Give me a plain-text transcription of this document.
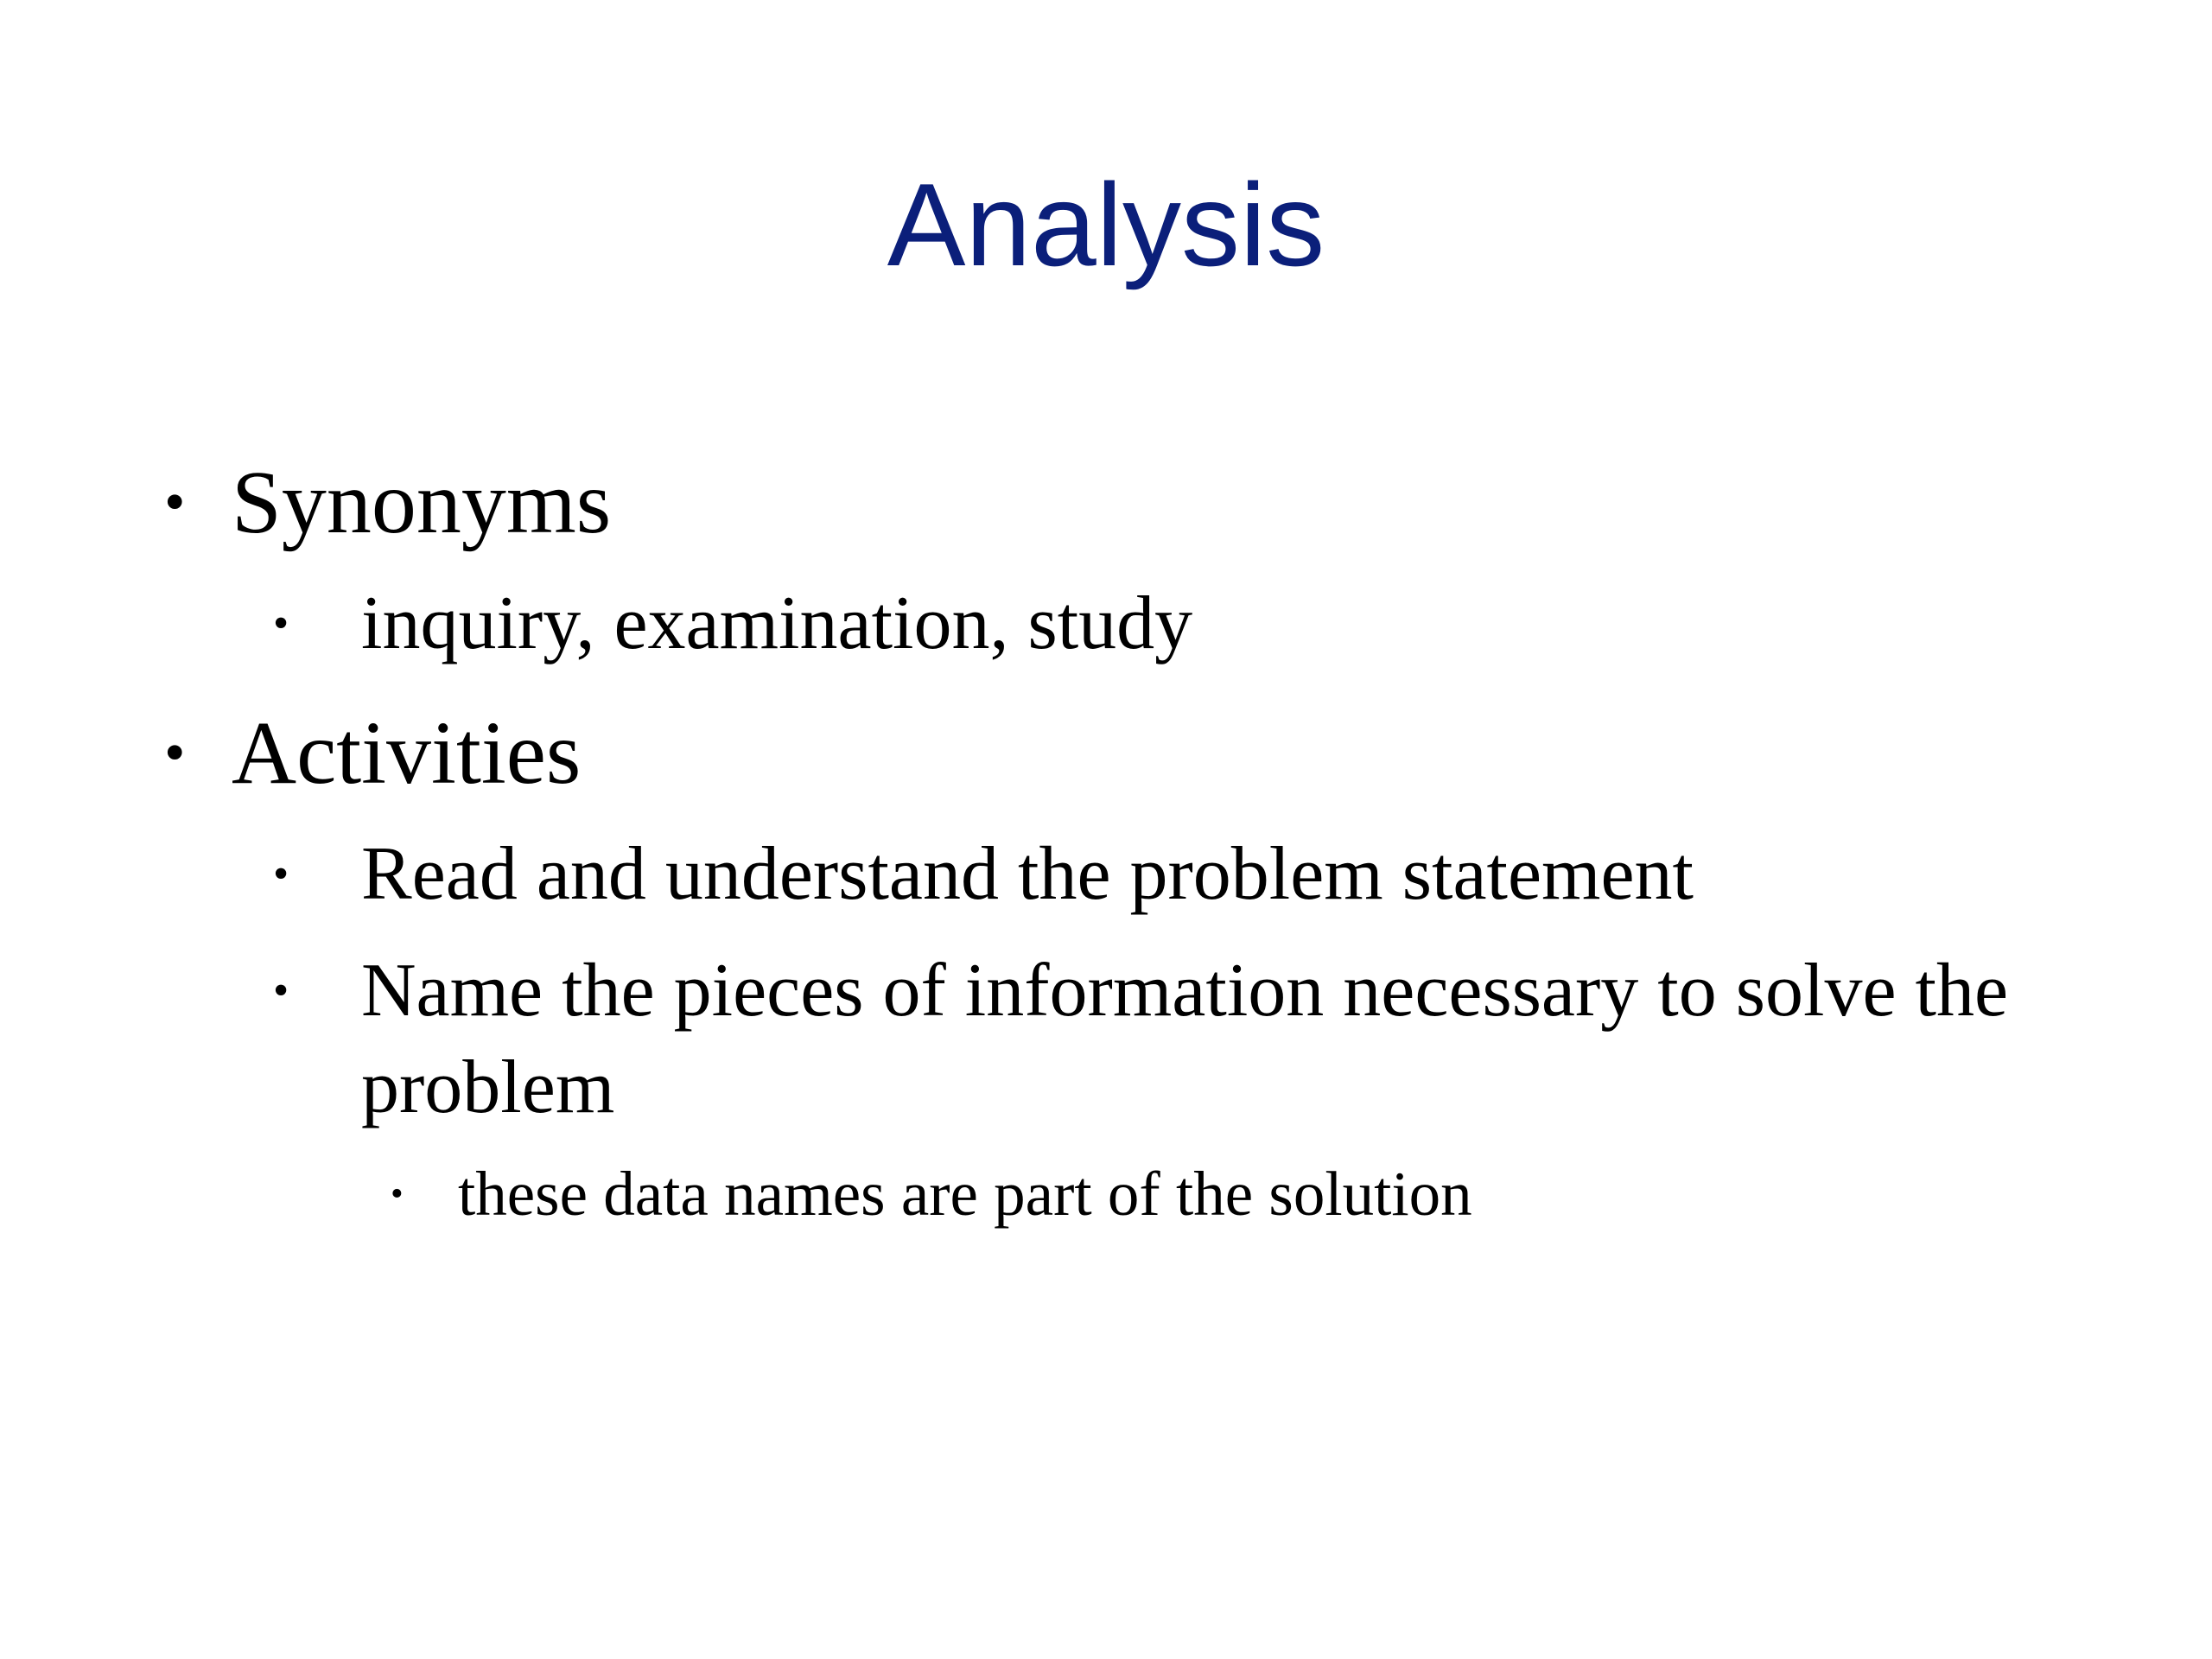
Analysis
• Synonyms
• inquiry, examination, study
• Activities
• Read and understand the problem statement
• Name the pieces of information necessary to solve the
problem
• these data names are part of the solution
